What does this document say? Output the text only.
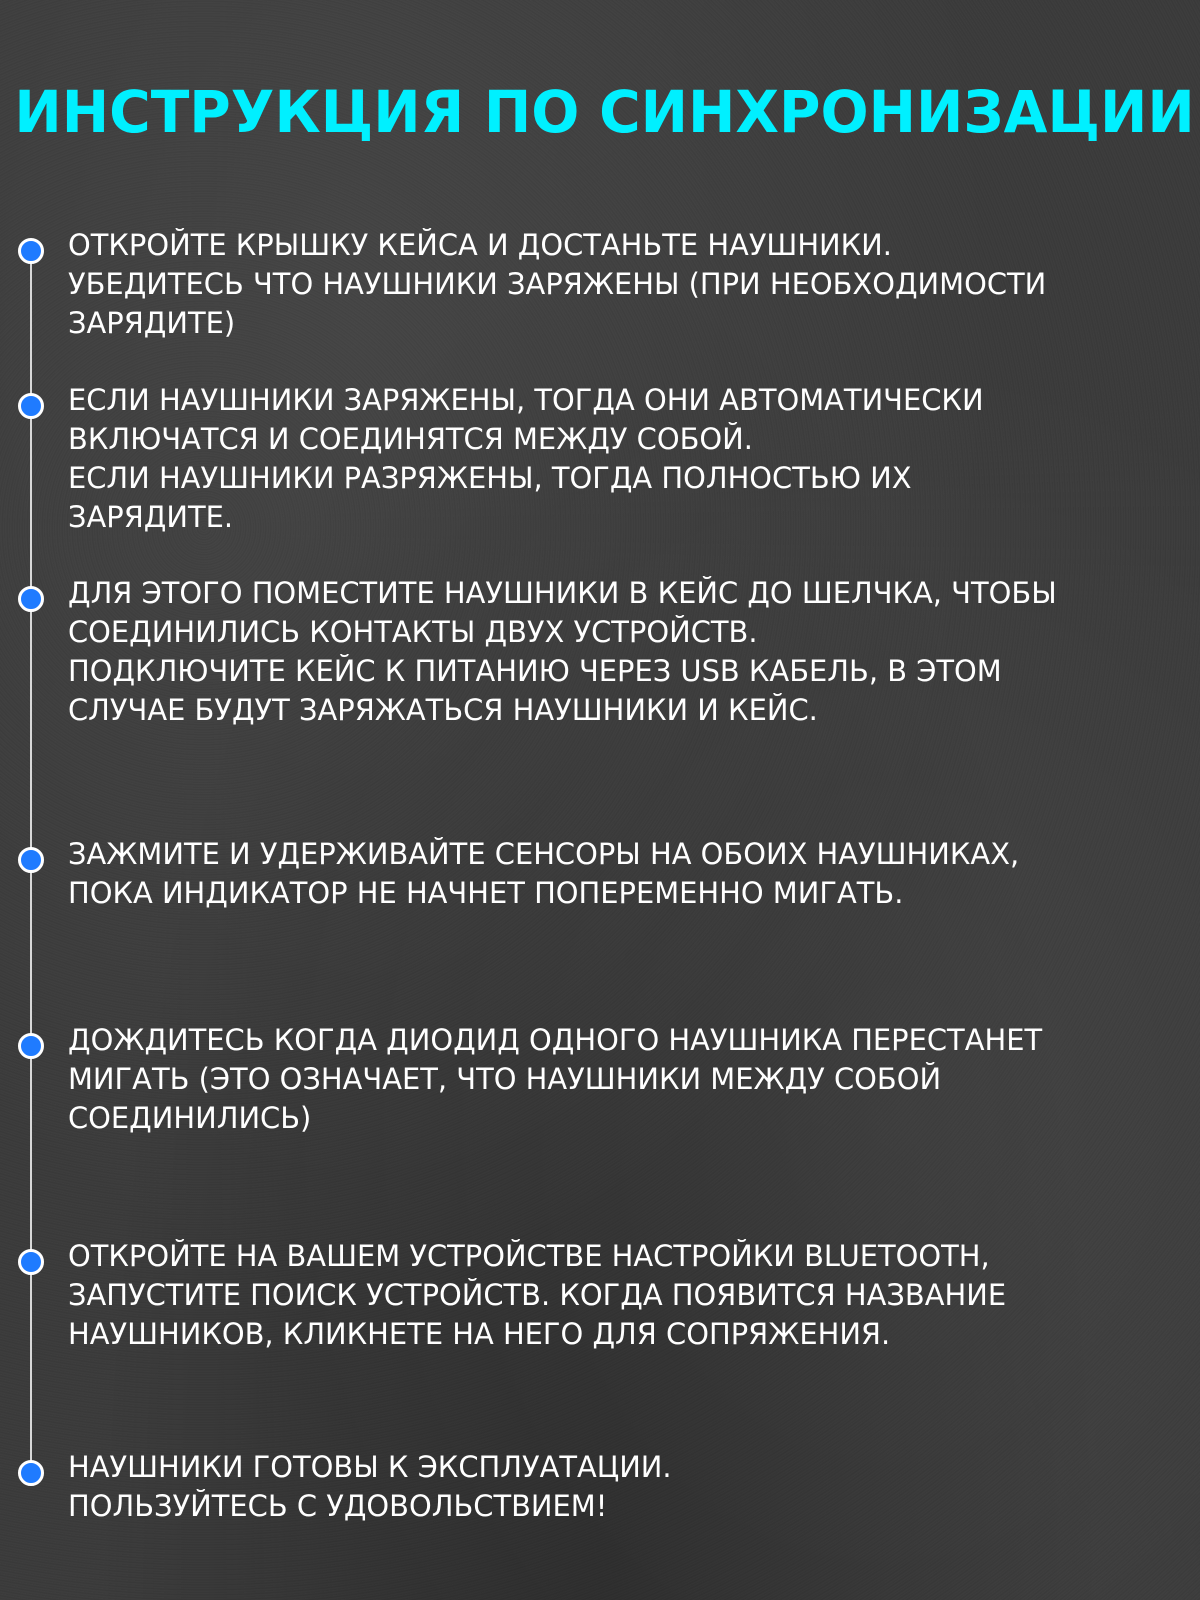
ИНСТРУКЦИЯ ПО СИНХРОНИЗАЦИИ
ОТКРОЙТЕ КРЫШКУ КЕЙСА И ДОСТАНЬТЕ НАУШНИКИ.
УБЕДИТЕСЬ ЧТО НАУШНИКИ ЗАРЯЖЕНЫ (ПРИ НЕОБХОДИМОСТИ
ЗАРЯДИТЕ)
ЕСЛИ НАУШНИКИ ЗАРЯЖЕНЫ, ТОГДА ОНИ АВТОМАТИЧЕСКИ
ВКЛЮЧАТСЯ И СОЕДИНЯТСЯ МЕЖДУ СОБОЙ.
ЕСЛИ НАУШНИКИ РАЗРЯЖЕНЫ, ТОГДА ПОЛНОСТЬЮ ИХ
ЗАРЯДИТЕ.
ДЛЯ ЭТОГО ПОМЕСТИТЕ НАУШНИКИ В КЕЙС ДО ШЕЛЧКА, ЧТОБЫ
СОЕДИНИЛИСЬ КОНТАКТЫ ДВУХ УСТРОЙСТВ.
ПОДКЛЮЧИТЕ КЕЙС К ПИТАНИЮ ЧЕРЕЗ USB КАБЕЛЬ, В ЭТОМ
СЛУЧАЕ БУДУТ ЗАРЯЖАТЬСЯ НАУШНИКИ И КЕЙС.
ЗАЖМИТЕ И УДЕРЖИВАЙТЕ СЕНСОРЫ НА ОБОИХ НАУШНИКАХ,
ПОКА ИНДИКАТОР НЕ НАЧНЕТ ПОПЕРЕМЕННО МИГАТЬ.
ДОЖДИТЕСЬ КОГДА ДИОДИД ОДНОГО НАУШНИКА ПЕРЕСТАНЕТ
МИГАТЬ (ЭТО ОЗНАЧАЕТ, ЧТО НАУШНИКИ МЕЖДУ СОБОЙ
СОЕДИНИЛИСЬ)
ОТКРОЙТЕ НА ВАШЕМ УСТРОЙСТВЕ НАСТРОЙКИ BLUETOOTH,
ЗАПУСТИТЕ ПОИСК УСТРОЙСТВ. КОГДА ПОЯВИТСЯ НАЗВАНИЕ
НАУШНИКОВ, КЛИКНЕТЕ НА НЕГО ДЛЯ СОПРЯЖЕНИЯ.
НАУШНИКИ ГОТОВЫ К ЭКСПЛУАТАЦИИ.
ПОЛЬЗУЙТЕСЬ С УДОВОЛЬСТВИЕМ!
